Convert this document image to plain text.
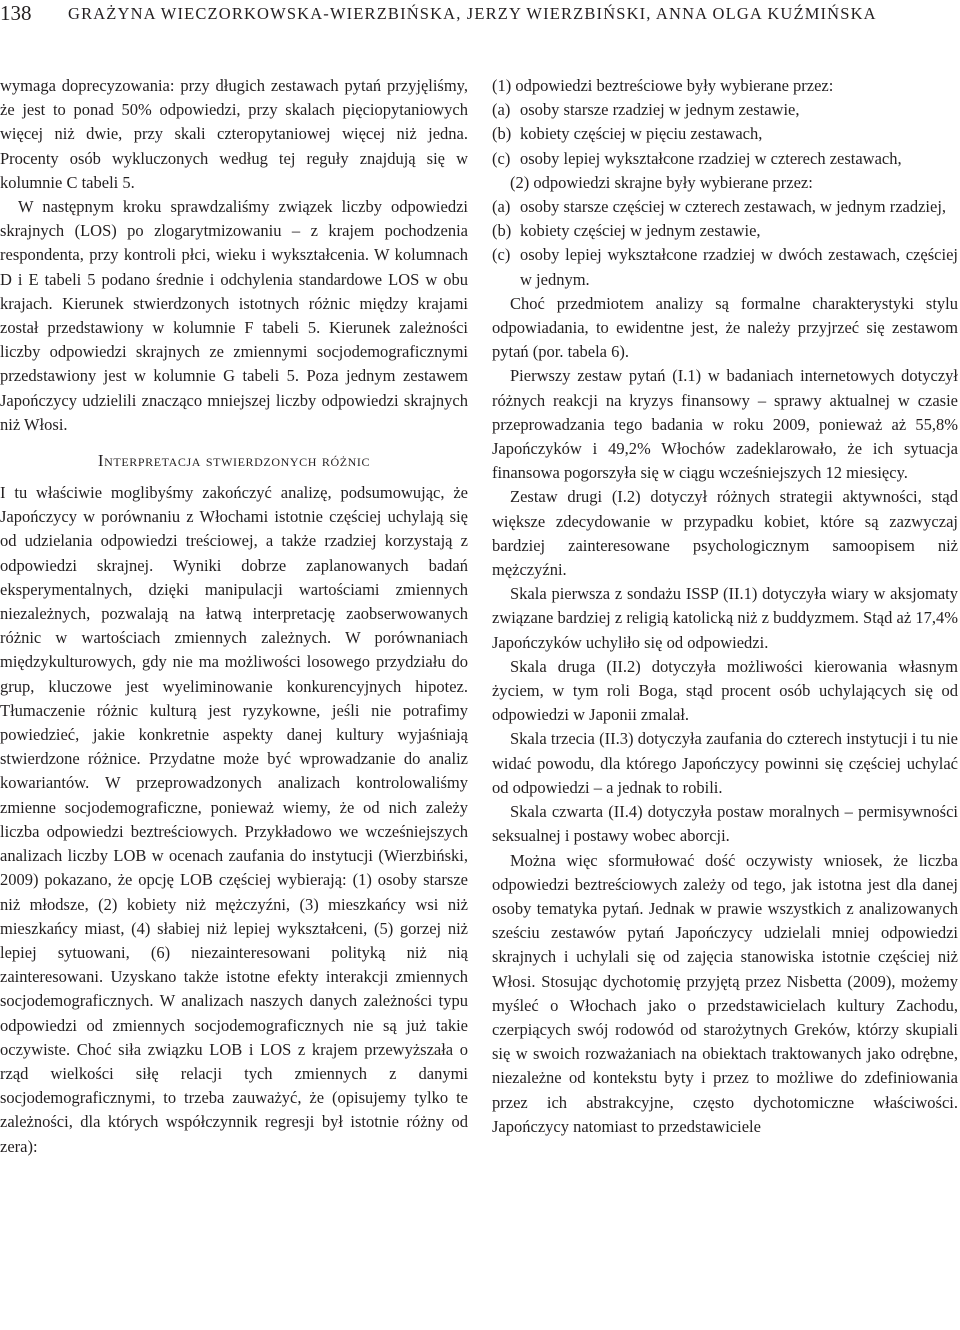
138 GRAŻYNA WIECZORKOWSKA-WIERZBIŃSKA, JERZY WIERZBIŃSKI, ANNA OLGA KUŹMIŃSKA

wymaga doprecyzowania: przy długich zestawach pytań przyjęliśmy, że jest to ponad 50% odpowiedzi, przy skalach pięciopytaniowych więcej niż dwie, przy skali czteropytaniowej więcej niż jedna. Procenty osób wykluczonych według tej reguły znajdują się w kolumnie C tabeli 5.

W następnym kroku sprawdzaliśmy związek liczby odpowiedzi skrajnych (LOS) po zlogarytmizowaniu – z krajem pochodzenia respondenta, przy kontroli płci, wieku i wykształcenia. W kolumnach D i E tabeli 5 podano średnie i odchylenia standardowe LOS w obu krajach. Kierunek stwierdzonych istotnych różnic między krajami został przedstawiony w kolumnie F tabeli 5. Kierunek zależności liczby odpowiedzi skrajnych ze zmiennymi socjodemograficznymi przedstawiony jest w kolumnie G tabeli 5. Poza jednym zestawem Japończycy udzielili znacząco mniejszej liczby odpowiedzi skrajnych niż Włosi.

Interpretacja stwierdzonych różnic

I tu właściwie moglibyśmy zakończyć analizę, podsumowując, że Japończycy w porównaniu z Włochami istotnie częściej uchylają się od udzielania odpowiedzi treściowej, a także rzadziej korzystają z odpowiedzi skrajnej. Wyniki dobrze zaplanowanych badań eksperymentalnych, dzięki manipulacji wartościami zmiennych niezależnych, pozwalają na łatwą interpretację zaobserwowanych różnic w wartościach zmiennych zależnych. W porównaniach międzykulturowych, gdy nie ma możliwości losowego przydziału do grup, kluczowe jest wyeliminowanie konkurencyjnych hipotez. Tłumaczenie różnic kulturą jest ryzykowne, jeśli nie potrafimy powiedzieć, jakie konkretnie aspekty danej kultury wyjaśniają stwierdzone różnice. Przydatne może być wprowadzanie do analiz kowariantów. W przeprowadzonych analizach kontrolowaliśmy zmienne socjodemograficzne, ponieważ wiemy, że od nich zależy liczba odpowiedzi beztreściowych. Przykładowo we wcześniejszych analizach liczby LOB w ocenach zaufania do instytucji (Wierzbiński, 2009) pokazano, że opcję LOB częściej wybierają: (1) osoby starsze niż młodsze, (2) kobiety niż mężczyźni, (3) mieszkańcy wsi niż mieszkańcy miast, (4) słabiej niż lepiej wykształceni, (5) gorzej niż lepiej sytuowani, (6) niezainteresowani polityką niż nią zainteresowani. Uzyskano także istotne efekty interakcji zmiennych socjodemograficznych. W analizach naszych danych zależności typu odpowiedzi od zmiennych socjodemograficznych nie są już takie oczywiste. Choć siła związku LOB i LOS z krajem przewyższała o rząd wielkości siłę relacji tych zmiennych z danymi socjodemograficznymi, to trzeba zauważyć, że (opisujemy tylko te zależności, dla których współczynnik regresji był istotnie różny od zera):

(1) odpowiedzi beztreściowe były wybierane przez:

(a) osoby starsze rzadziej w jednym zestawie,
(b) kobiety częściej w pięciu zestawach,
(c) osoby lepiej wykształcone rzadziej w czterech zestawach,

(2) odpowiedzi skrajne były wybierane przez:

(a) osoby starsze częściej w czterech zestawach, w jednym rzadziej,
(b) kobiety częściej w jednym zestawie,
(c) osoby lepiej wykształcone rzadziej w dwóch zestawach, częściej w jednym.

Choć przedmiotem analizy są formalne charakterystyki stylu odpowiadania, to ewidentne jest, że należy przyjrzeć się zestawom pytań (por. tabela 6).

Pierwszy zestaw pytań (I.1) w badaniach internetowych dotyczył różnych reakcji na kryzys finansowy – sprawy aktualnej w czasie przeprowadzania tego badania w roku 2009, ponieważ aż 55,8% Japończyków i 49,2% Włochów zadeklarowało, że ich sytuacja finansowa pogorszyła się w ciągu wcześniejszych 12 miesięcy.

Zestaw drugi (I.2) dotyczył różnych strategii aktywności, stąd większe zdecydowanie w przypadku kobiet, które są zazwyczaj bardziej zainteresowane psychologicznym samoopisem niż mężczyźni.

Skala pierwsza z sondażu ISSP (II.1) dotyczyła wiary w aksjomaty związane bardziej z religią katolicką niż z buddyzmem. Stąd aż 17,4% Japończyków uchyliło się od odpowiedzi.

Skala druga (II.2) dotyczyła możliwości kierowania własnym życiem, w tym roli Boga, stąd procent osób uchylających się od odpowiedzi w Japonii zmalał.

Skala trzecia (II.3) dotyczyła zaufania do czterech instytucji i tu nie widać powodu, dla którego Japończycy powinni się częściej uchylać od odpowiedzi – a jednak to robili.

Skala czwarta (II.4) dotyczyła postaw moralnych – permisywności seksualnej i postawy wobec aborcji.

Można więc sformułować dość oczywisty wniosek, że liczba odpowiedzi beztreściowych zależy od tego, jak istotna jest dla danej osoby tematyka pytań. Jednak w prawie wszystkich z analizowanych sześciu zestawów pytań Japończycy udzielali mniej odpowiedzi skrajnych i uchylali się od zajęcia stanowiska istotnie częściej niż Włosi. Stosując dychotomię przyjętą przez Nisbetta (2009), możemy myśleć o Włochach jako o przedstawicielach kultury Zachodu, czerpiących swój rodowód od starożytnych Greków, którzy skupiali się w swoich rozważaniach na obiektach traktowanych jako odrębne, niezależne od kontekstu byty i przez to możliwe do zdefiniowania przez ich abstrakcyjne, często dychotomiczne właściwości. Japończycy natomiast to przedstawiciele
